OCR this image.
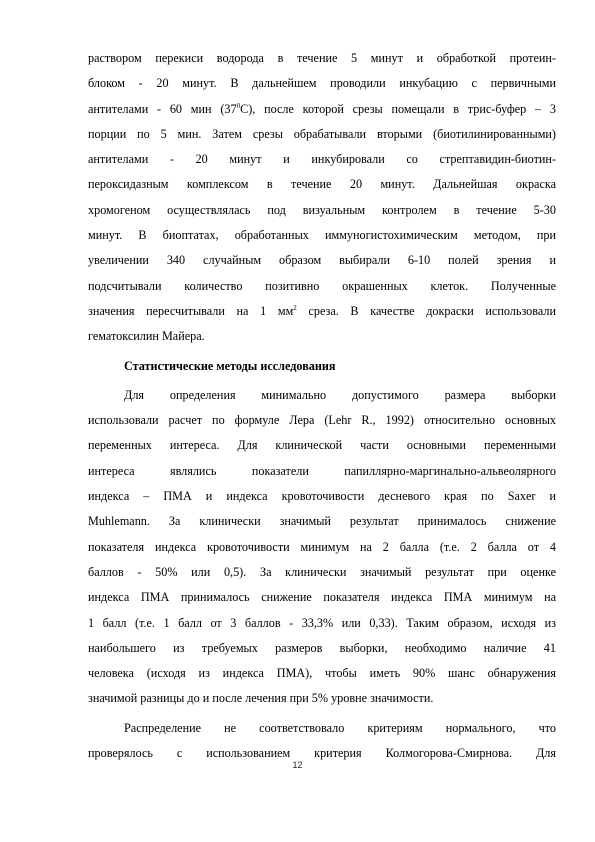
раствором перекиси водорода в течение 5 минут и обработкой протеин-
блоком - 20 минут. В дальнейшем проводили инкубацию с первичными
антителами - 60 мин $(37^0С)$, после которой срезы помещали в трис-буфер – 3
порции по 5 мин. Затем срезы обрабатывали вторыми (биотилинированными)
антителами - 20 минут и инкубировали со стрептавидин-биотин-
пероксидазным комплексом в течение 20 минут. Дальнейшая окраска
хромогеном осуществлялась под визуальным контролем в течение 5-30
минут. В биоптатах, обработанных иммуногистохимическим методом, при
увеличении 340 случайным образом выбирали 6-10 полей зрения и
подсчитывали количество позитивно окрашенных клеток. Полученные
значения пересчитывали на 1 $мм^2$ среза. В качестве докраски использовали
гематоксилин Майера.
Статистические методы исследования
Для определения минимально допустимого размера выборки
использовали расчет по формуле Лера (Lehr R., 1992) относительно основных
переменных интереса. Для клинической части основными переменными
интереса являлись показатели папиллярно-маргинально-альвеолярного
индекса – ПМА и индекса кровоточивости десневого края по Saxer и
Muhlemann. За клинически значимый результат принималось снижение
показателя индекса кровоточивости минимум на 2 балла (т.е. 2 балла от 4
баллов - 50% или 0,5). За клинически значимый результат при оценке
индекса ПМА принималось снижение показателя индекса ПМА минимум на
1 балл (т.е. 1 балл от 3 баллов - 33,3% или 0,33). Таким образом, исходя из
наибольшего из требуемых размеров выборки, необходимо наличие 41
человека (исходя из индекса ПМА), чтобы иметь 90% шанс обнаружения
значимой разницы до и после лечения при 5% уровне значимости.
Распределение не соответствовало критериям нормального, что
проверялось с использованием критерия Колмогорова-Смирнова. Для
12
